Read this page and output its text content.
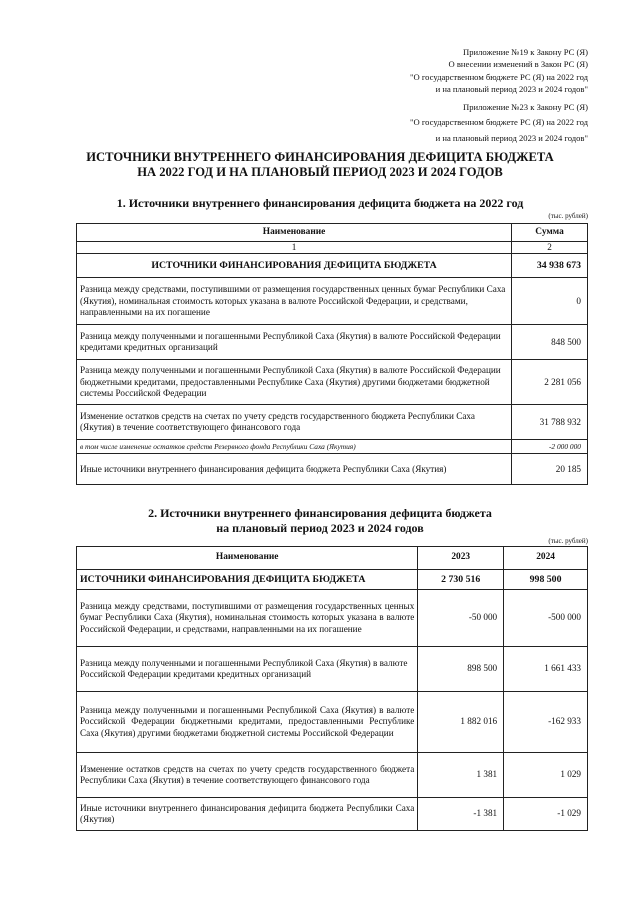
Приложение №19 к Закону РС (Я)
О внесении изменений в Закон РС (Я)
"О государственном бюджете РС (Я) на 2022 год
и на плановый период 2023 и 2024 годов"
Приложение №23 к Закону РС (Я)
"О государственном бюджете РС (Я) на 2022 год
и на плановый период 2023 и 2024 годов"
ИСТОЧНИКИ ВНУТРЕННЕГО ФИНАНСИРОВАНИЯ ДЕФИЦИТА БЮДЖЕТА
НА 2022 ГОД И НА ПЛАНОВЫЙ ПЕРИОД 2023 И 2024 ГОДОВ
1. Источники внутреннего финансирования дефицита бюджета на 2022 год
(тыс. рублей)
Наименование	Сумма
1	2
ИСТОЧНИКИ ФИНАНСИРОВАНИЯ ДЕФИЦИТА БЮДЖЕТА	34 938 673
Разница между средствами, поступившими от размещения государственных ценных бумаг Республики Саха (Якутия), номинальная стоимость которых указана в валюте Российской Федерации, и средствами, направленными на их погашение	0
Разница между полученными и погашенными Республикой Саха (Якутия) в валюте Российской Федерации кредитами кредитных организаций	848 500
Разница между полученными и погашенными Республикой Саха (Якутия) в валюте Российской Федерации бюджетными кредитами, предоставленными Республике Саха (Якутия) другими бюджетами бюджетной системы Российской Федерации	2 281 056
Изменение остатков средств на счетах по учету средств государственного бюджета Республики Саха (Якутия) в течение соответствующего финансового года	31 788 932
в том числе изменение остатков средств Резервного фонда Республики Саха (Якутия)	-2 000 000
Иные источники внутреннего финансирования дефицита бюджета Республики Саха (Якутия)	20 185
2. Источники внутреннего финансирования дефицита бюджета
на плановый период 2023 и 2024 годов
(тыс. рублей)
Наименование	2023	2024
ИСТОЧНИКИ ФИНАНСИРОВАНИЯ ДЕФИЦИТА БЮДЖЕТА	2 730 516	998 500
Разница между средствами, поступившими от размещения государственных ценных бумаг Республики Саха (Якутия), номинальная стоимость которых указана в валюте Российской Федерации, и средствами, направленными на их погашение	-50 000	-500 000
Разница между полученными и погашенными Республикой Саха (Якутия) в валюте Российской Федерации кредитами кредитных организаций	898 500	1 661 433
Разница между полученными и погашенными Республикой Саха (Якутия) в валюте Российской Федерации бюджетными кредитами, предоставленными Республике Саха (Якутия) другими бюджетами бюджетной системы Российской Федерации	1 882 016	-162 933
Изменение остатков средств на счетах по учету средств государственного бюджета Республики Саха (Якутия) в течение соответствующего финансового года	1 381	1 029
Иные источники внутреннего финансирования дефицита бюджета Республики Саха (Якутия)	-1 381	-1 029
